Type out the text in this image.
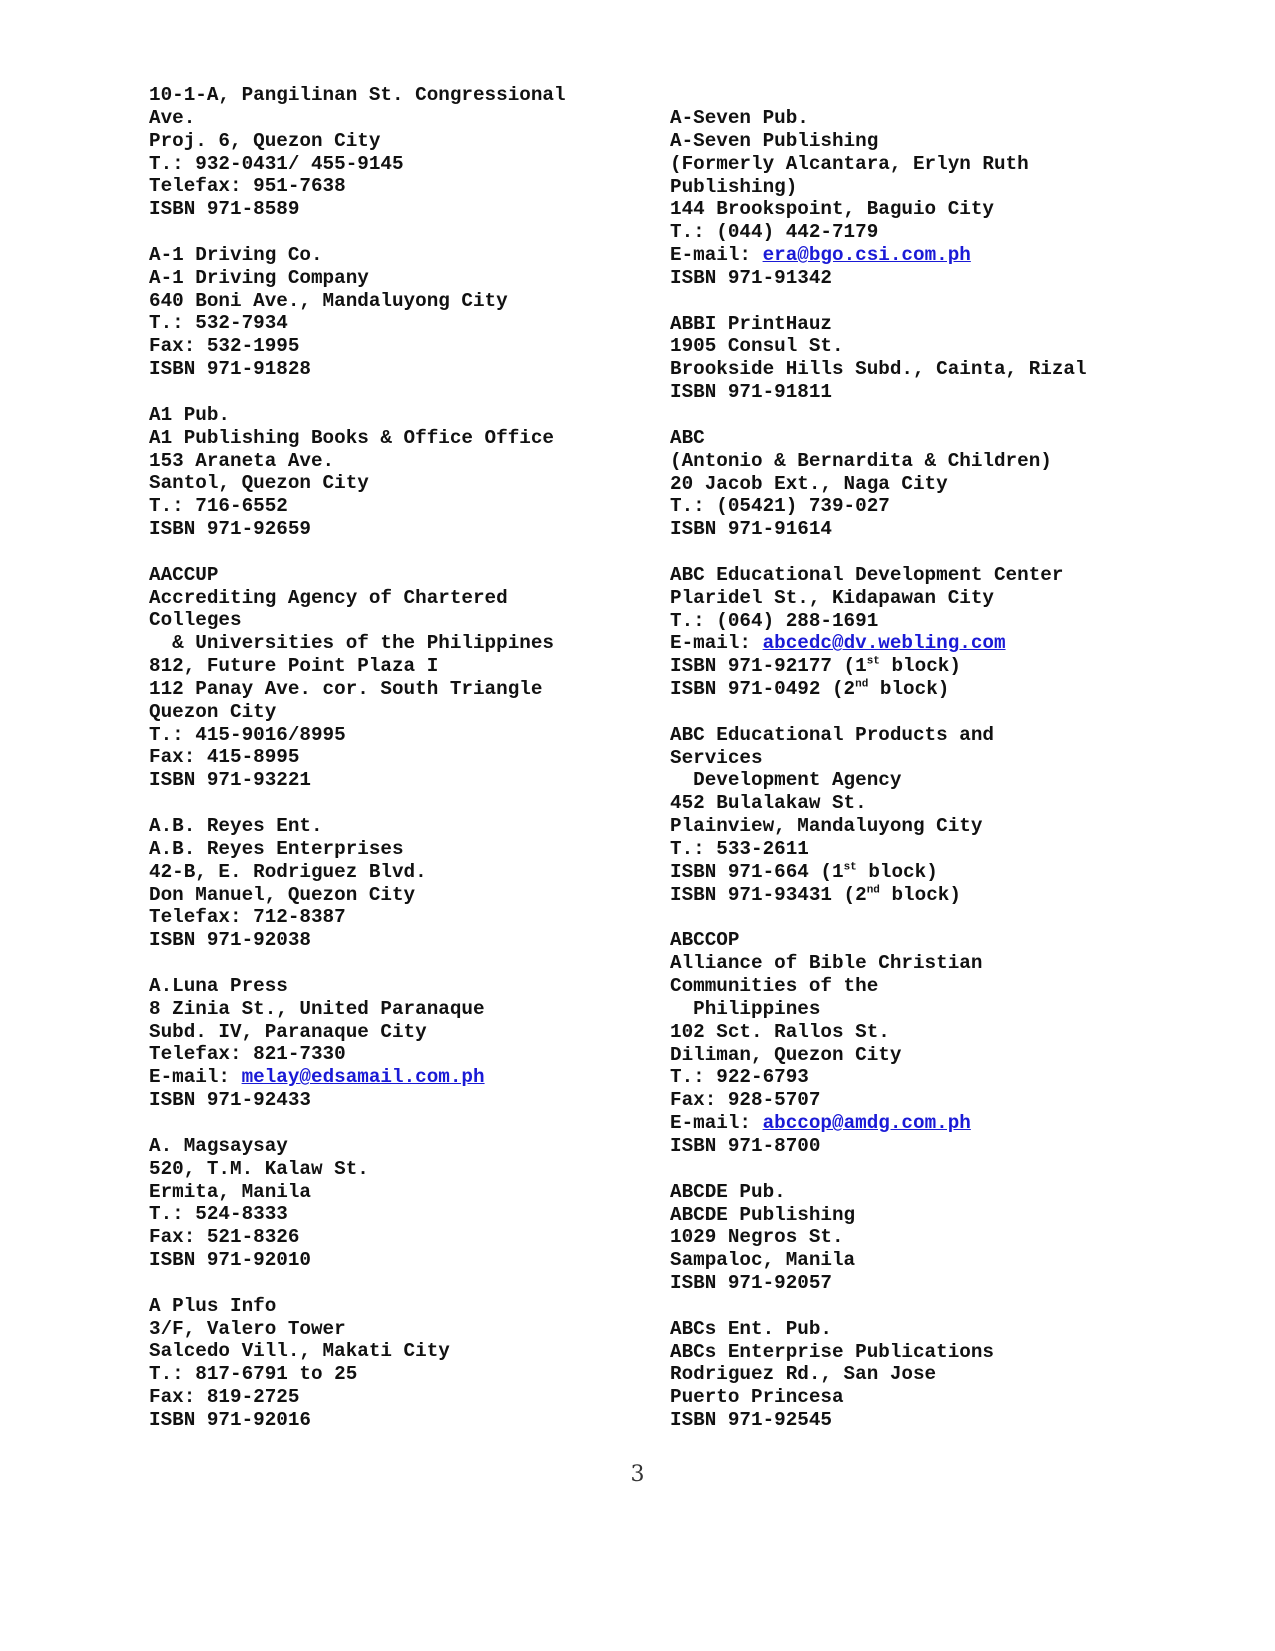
10-1-A, Pangilinan St. Congressional
Ave.
Proj. 6, Quezon City
T.: 932-0431/ 455-9145
Telefax: 951-7638
ISBN 971-8589
A-1 Driving Co.
A-1 Driving Company
640 Boni Ave., Mandaluyong City
T.: 532-7934
Fax: 532-1995
ISBN 971-91828
A1 Pub.
A1 Publishing Books & Office Office
153 Araneta Ave.
Santol, Quezon City
T.: 716-6552
ISBN 971-92659
AACCUP
Accrediting Agency of Chartered
Colleges
& Universities of the Philippines
812, Future Point Plaza I
112 Panay Ave. cor. South Triangle
Quezon City
T.: 415-9016/8995
Fax: 415-8995
ISBN 971-93221
A.B. Reyes Ent.
A.B. Reyes Enterprises
42-B, E. Rodriguez Blvd.
Don Manuel, Quezon City
Telefax: 712-8387
ISBN 971-92038
A.Luna Press
8 Zinia St., United Paranaque
Subd. IV, Paranaque City
Telefax: 821-7330
E-mail: melay@edsamail.com.ph
ISBN 971-92433
A. Magsaysay
520, T.M. Kalaw St.
Ermita, Manila
T.: 524-8333
Fax: 521-8326
ISBN 971-92010
A Plus Info
3/F, Valero Tower
Salcedo Vill., Makati City
T.: 817-6791 to 25
Fax: 819-2725
ISBN 971-92016
A-Seven Pub.
A-Seven Publishing
(Formerly Alcantara, Erlyn Ruth
Publishing)
144 Brookspoint, Baguio City
T.: (044) 442-7179
E-mail: era@bgo.csi.com.ph
ISBN 971-91342
ABBI PrintHauz
1905 Consul St.
Brookside Hills Subd., Cainta, Rizal
ISBN 971-91811
ABC
(Antonio & Bernardita & Children)
20 Jacob Ext., Naga City
T.: (05421) 739-027
ISBN 971-91614
ABC Educational Development Center
Plaridel St., Kidapawan City
T.: (064) 288-1691
E-mail: abcedc@dv.webling.com
ISBN 971-92177 (1st block)
ISBN 971-0492 (2nd block)
ABC Educational Products and
Services
Development Agency
452 Bulalakaw St.
Plainview, Mandaluyong City
T.: 533-2611
ISBN 971-664 (1st block)
ISBN 971-93431 (2nd block)
ABCCOP
Alliance of Bible Christian
Communities of the
Philippines
102 Sct. Rallos St.
Diliman, Quezon City
T.: 922-6793
Fax: 928-5707
E-mail: abccop@amdg.com.ph
ISBN 971-8700
ABCDE Pub.
ABCDE Publishing
1029 Negros St.
Sampaloc, Manila
ISBN 971-92057
ABCs Ent. Pub.
ABCs Enterprise Publications
Rodriguez Rd., San Jose
Puerto Princesa
ISBN 971-92545
3
